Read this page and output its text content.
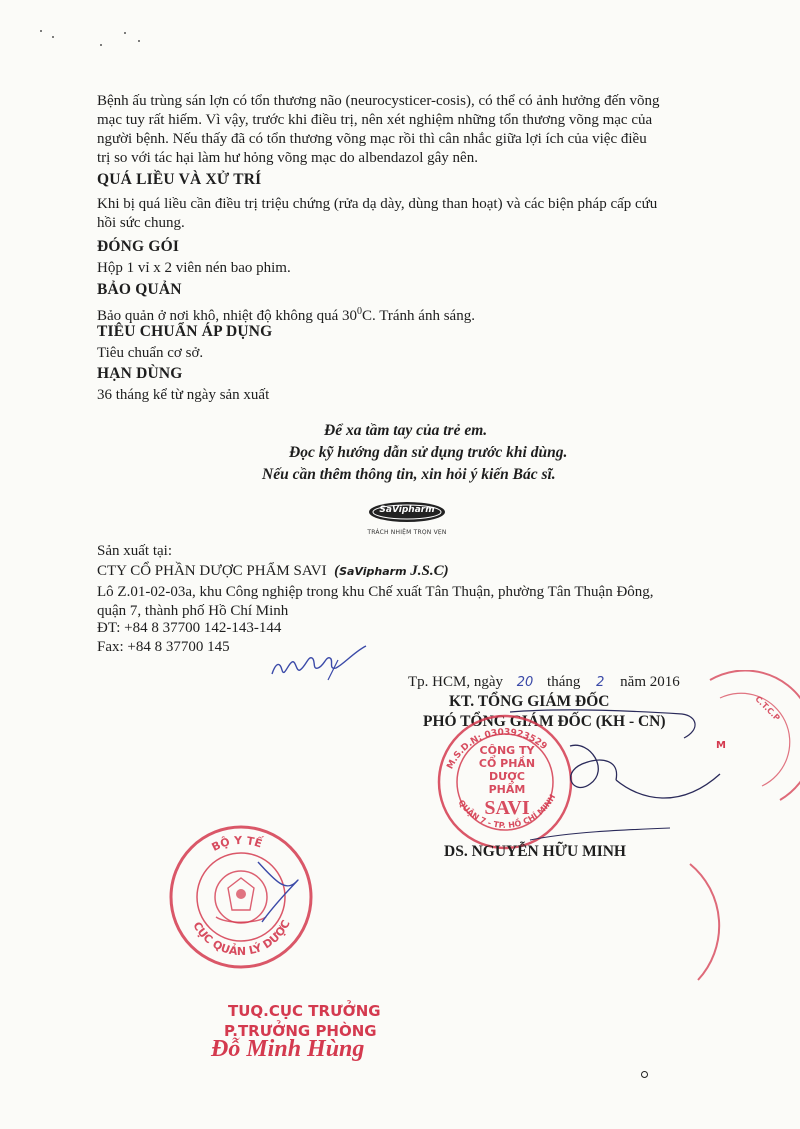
Bệnh ấu trùng sán lợn có tổn thương não (neurocysticer-cosis), có thể có ảnh hưởng đến võng
mạc tuy rất hiếm. Vì vậy, trước khi điều trị, nên xét nghiệm những tổn thương võng mạc của
người bệnh. Nếu thấy đã có tổn thương võng mạc rồi thì cân nhắc giữa lợi ích của việc điều
trị so với tác hại làm hư hỏng võng mạc do albendazol gây nên.
QUÁ LIỀU VÀ XỬ TRÍ
Khi bị quá liều cần điều trị triệu chứng (rửa dạ dày, dùng than hoạt) và các biện pháp cấp cứu
hồi sức chung.
ĐÓNG GÓI
Hộp 1 vỉ x 2 viên nén bao phim.
BẢO QUẢN
Bảo quản ở nơi khô, nhiệt độ không quá $30^0C$. Tránh ánh sáng.
TIÊU CHUẨN ÁP DỤNG
Tiêu chuẩn cơ sở.
HẠN DÙNG
36 tháng kể từ ngày sản xuất
Để xa tầm tay của trẻ em.
Đọc kỹ hướng dẫn sử dụng trước khi dùng.
Nếu cần thêm thông tin, xin hỏi ý kiến Bác sĩ.
SaVipharm
TRÁCH NHIỆM TRỌN VẸN
Sản xuất tại:
CTY CỔ PHẦN DƯỢC PHẨM SAVI (SaVipharm J.S.C)
Lô Z.01-02-03a, khu Công nghiệp trong khu Chế xuất Tân Thuận, phường Tân Thuận Đông,
quận 7, thành phố Hồ Chí Minh
ĐT: +84 8 37700 142-143-144
Fax: +84 8 37700 145
Tp. HCM, ngày 20 tháng 2 năm 2016
KT. TỔNG GIÁM ĐỐC
PHÓ TỔNG GIÁM ĐỐC (KH - CN)
M.S.D.N: 0303923529
QUẬN 7 - TP. HỒ CHÍ MINH
CÔNG TY
CỔ PHẦN
DƯỢC PHẨM
SAVI
C.T.C.P
M
DS. NGUYỄN HỮU MINH
BỘ Y TẾ
CỤC QUẢN LÝ DƯỢC
TUQ.CỤC TRƯỞNG
P.TRƯỞNG PHÒNG
Đỗ Minh Hùng
